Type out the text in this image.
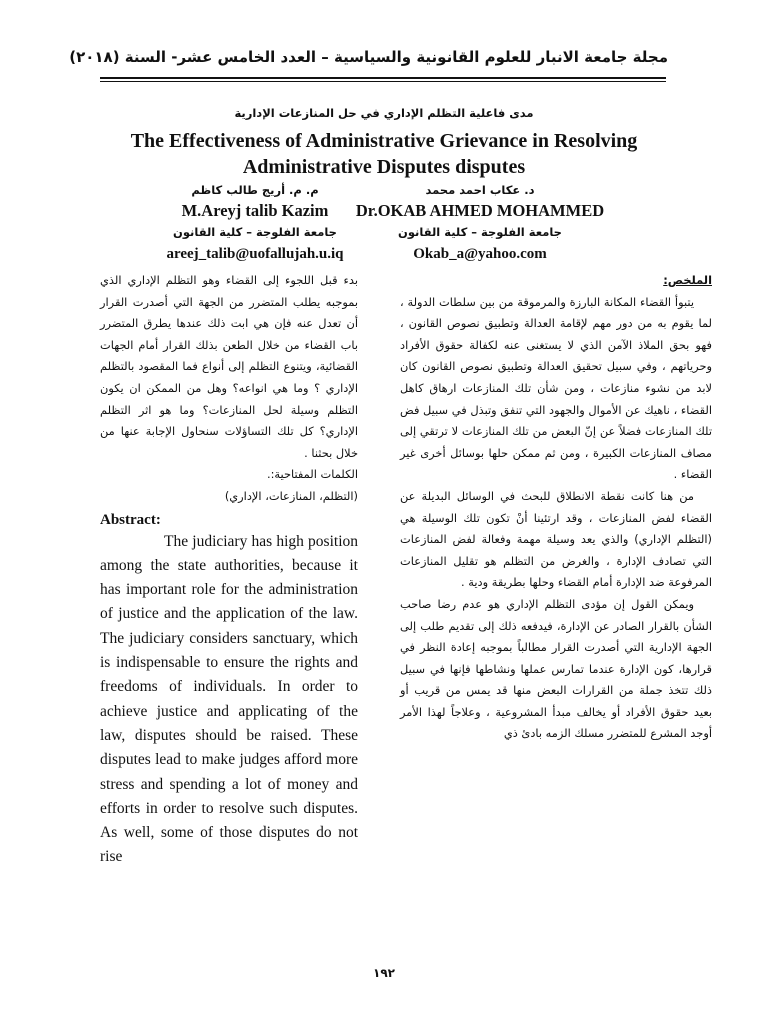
مجلة جامعة الانبار للعلوم القانونية والسياسية – العدد الخامس عشر- السنة (٢٠١٨)
مدى فاعلية التظلم الإداري في حل المنازعات الإدارية
The Effectiveness of Administrative Grievance in Resolving
Administrative Disputes disputes
د. عكاب احمد محمد
Dr.OKAB AHMED MOHAMMED
جامعة الفلوجة – كلية القانون
Okab_a@yahoo.com
م. م. أريج طالب كاظم
M.Areyj talib Kazim
جامعة الفلوجة – كلية القانون
areej_talib@uofallujah.u.iq

الملخص:

يتبوأ القضاء المكانة البارزة والمرموقة من بين سلطات الدولة ، لما يقوم به من دور مهم لإقامة العدالة وتطبيق نصوص القانون ، فهو بحق الملاذ الآمن الذي لا يستغنى عنه لكفالة حقوق الأفراد وحرياتهم ، وفي سبيل تحقيق العدالة وتطبيق نصوص القانون كان لابد من نشوء منازعات ، ومن شأن تلك المنازعات ارهاق كاهل القضاء ، ناهيك عن الأموال والجهود التي تنفق وتبذل في سبيل فض تلك المنازعات فضلاً عن إنّ البعض من تلك المنازعات لا ترتقي إلى مصاف المنازعات الكبيرة ، ومن ثم ممكن حلها بوسائل أخرى غير القضاء .

من هنا كانت نقطة الانطلاق للبحث في الوسائل البديلة عن القضاء لفض المنازعات ، وقد ارتئينا أنْ تكون تلك الوسيلة هي (التظلم الإداري) والذي يعد وسيلة مهمة وفعالة لفض المنازعات التي تصادف الإدارة ، والغرض من التظلم هو تقليل المنازعات المرفوعة ضد الإدارة أمام القضاء وحلها بطريقة ودية .

ويمكن القول إن مؤدى التظلم الإداري هو عدم رضا صاحب الشأن بالقرار الصادر عن الإدارة، فيدفعه ذلك إلى تقديم طلب إلى الجهة الإدارية التي أصدرت القرار مطالباً بموجبه إعادة النظر في قرارها، كون الإدارة عندما تمارس عملها ونشاطها فإنها في سبيل ذلك تتخذ جملة من القرارات البعض منها قد يمس من قريب أو بعيد حقوق الأفراد أو يخالف مبدأ المشروعية ، وعلاجاً لهذا الأمر أوجد المشرع للمتضرر مسلك الزمه بادئ ذي

بدء قبل اللجوء إلى القضاء وهو التظلم الإداري الذي بموجبه يطلب المتضرر من الجهة التي أصدرت القرار أن تعدل عنه فإن هي ابت ذلك عندها يطرق المتضرر باب القضاء من خلال الطعن بذلك القرار أمام الجهات القضائية، ويتنوع التظلم إلى أنواع فما المقصود بالتظلم الإداري ؟ وما هي انواعه؟ وهل من الممكن ان يكون التظلم وسيلة لحل المنازعات؟ وما هو اثر التظلم الإداري؟ كل تلك التساؤلات سنحاول الإجابة عنها من خلال بحثنا .

الكلمات المفتاحية:.

(التظلم، المنازعات، الإداري)

Abstract:

The judiciary has high position among the state authorities, because it has important role for the administration of justice and the application of the law. The judiciary considers sanctuary, which is indispensable to ensure the rights and freedoms of individuals. In order to achieve justice and applicating of the law, disputes should be raised. These disputes lead to make judges afford more stress and spending a lot of money and efforts in order to resolve such disputes. As well, some of those disputes do not rise

١٩٢
